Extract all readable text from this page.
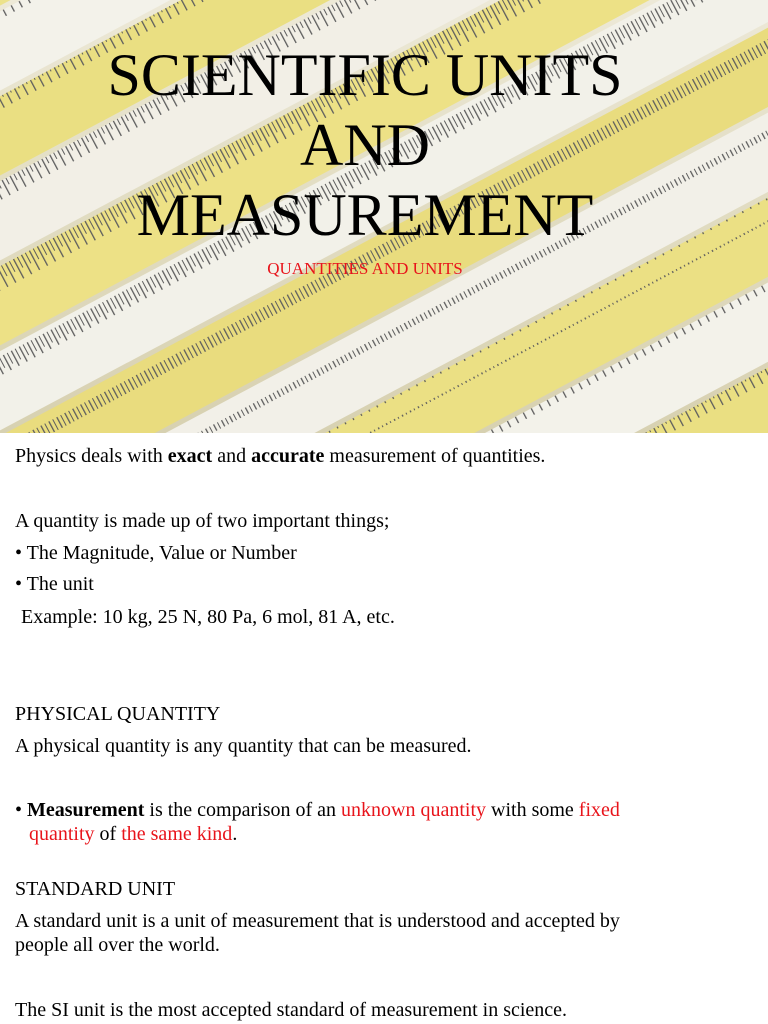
SCIENTIFIC UNITS
AND
MEASUREMENT

QUANTITIES AND UNITS

Physics deals with exact and accurate measurement of quantities.

A quantity is made up of two important things;

• The Magnitude, Value or Number

• The unit

Example: 10 kg, 25 N, 80 Pa, 6 mol, 81 A, etc.

PHYSICAL QUANTITY

A physical quantity is any quantity that can be measured.

• Measurement is the comparison of an unknown quantity with some fixed

quantity of the same kind.

STANDARD UNIT

A standard unit is a unit of measurement that is understood and accepted by

people all over the world.

The SI unit is the most accepted standard of measurement in science.
